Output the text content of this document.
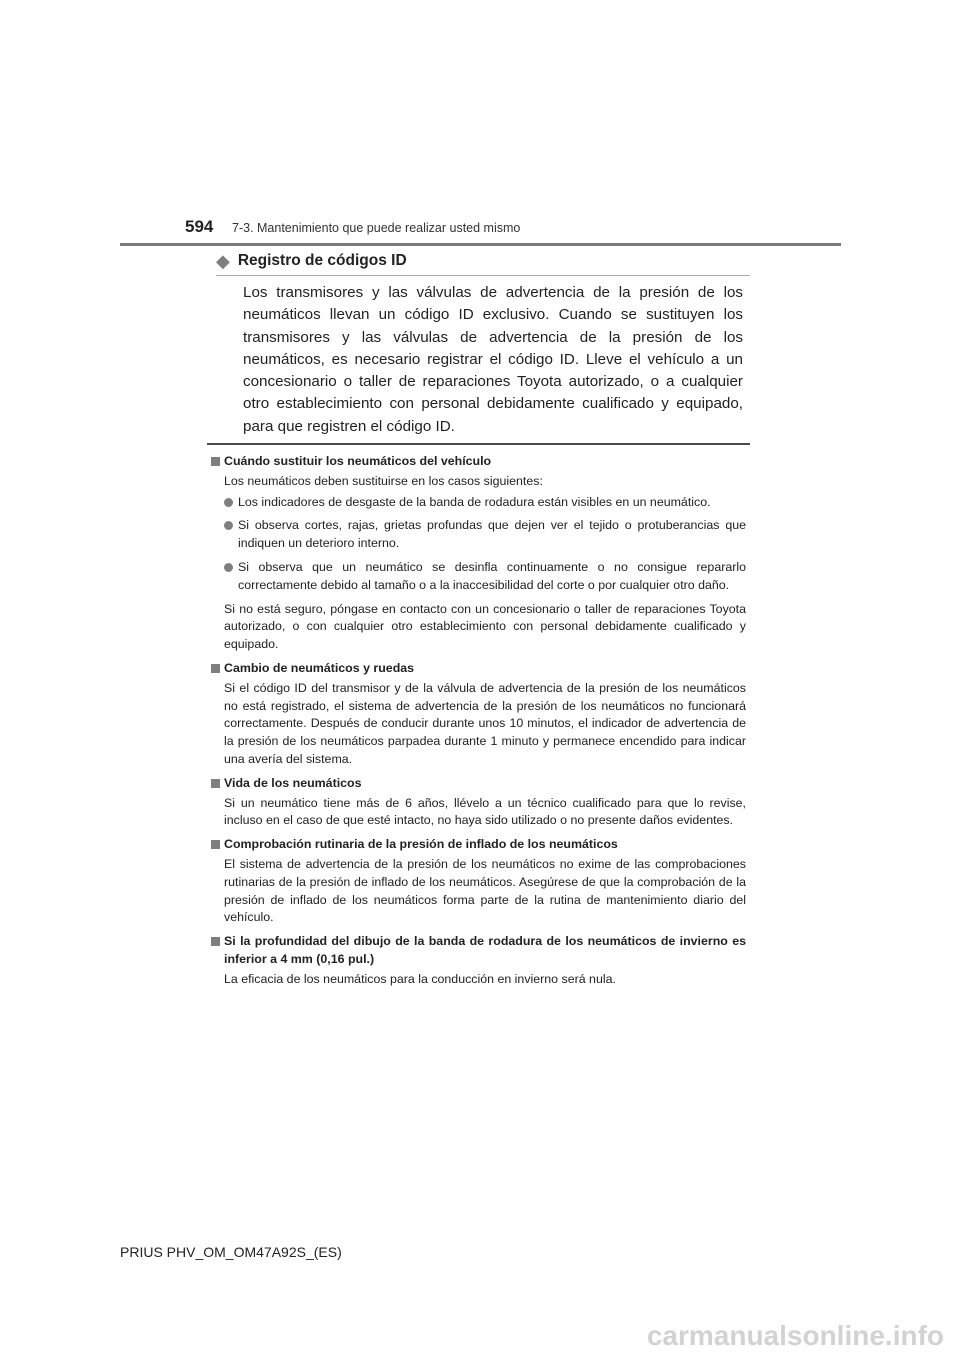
594 7-3. Mantenimiento que puede realizar usted mismo
◆ Registro de códigos ID
Los transmisores y las válvulas de advertencia de la presión de los neumáticos llevan un código ID exclusivo. Cuando se sustituyen los transmisores y las válvulas de advertencia de la presión de los neumáticos, es necesario registrar el código ID. Lleve el vehículo a un concesionario o taller de reparaciones Toyota autorizado, o a cualquier otro establecimiento con personal debidamente cualificado y equipado, para que registren el código ID.
Cuándo sustituir los neumáticos del vehículo
Los neumáticos deben sustituirse en los casos siguientes:
Los indicadores de desgaste de la banda de rodadura están visibles en un neumático.
Si observa cortes, rajas, grietas profundas que dejen ver el tejido o protuberancias que indiquen un deterioro interno.
Si observa que un neumático se desinfla continuamente o no consigue repararlo correctamente debido al tamaño o a la inaccesibilidad del corte o por cualquier otro daño.
Si no está seguro, póngase en contacto con un concesionario o taller de reparaciones Toyota autorizado, o con cualquier otro establecimiento con personal debidamente cualificado y equipado.
Cambio de neumáticos y ruedas
Si el código ID del transmisor y de la válvula de advertencia de la presión de los neumáticos no está registrado, el sistema de advertencia de la presión de los neumáticos no funcionará correctamente. Después de conducir durante unos 10 minutos, el indicador de advertencia de la presión de los neumáticos parpadea durante 1 minuto y permanece encendido para indicar una avería del sistema.
Vida de los neumáticos
Si un neumático tiene más de 6 años, llévelo a un técnico cualificado para que lo revise, incluso en el caso de que esté intacto, no haya sido utilizado o no presente daños evidentes.
Comprobación rutinaria de la presión de inflado de los neumáticos
El sistema de advertencia de la presión de los neumáticos no exime de las comprobaciones rutinarias de la presión de inflado de los neumáticos. Asegúrese de que la comprobación de la presión de inflado de los neumáticos forma parte de la rutina de mantenimiento diario del vehículo.
Si la profundidad del dibujo de la banda de rodadura de los neumáticos de invierno es inferior a 4 mm (0,16 pul.)
La eficacia de los neumáticos para la conducción en invierno será nula.
PRIUS PHV_OM_OM47A92S_(ES)
carmanualsonline.info
